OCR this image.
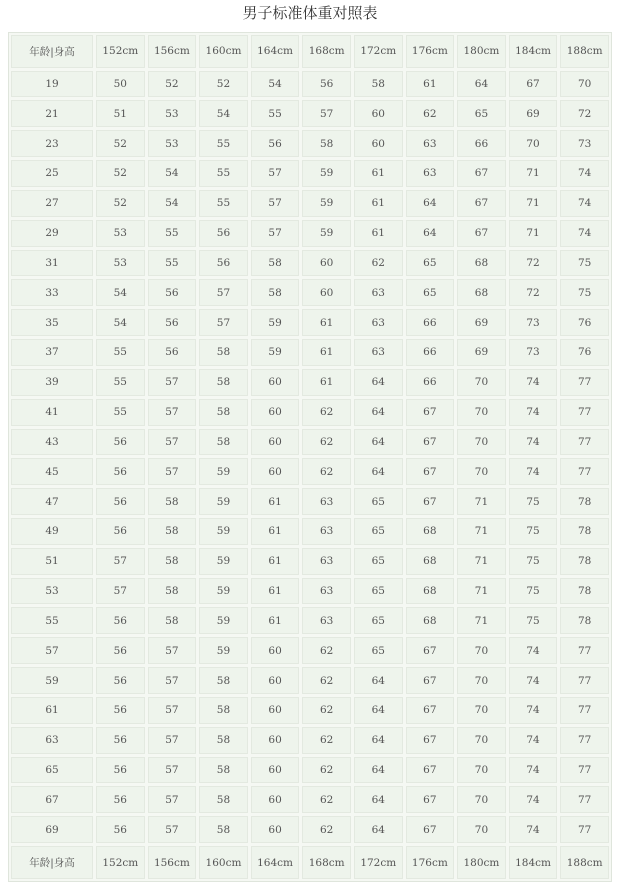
男子标准体重对照表
年龄|身高	152cm	156cm	160cm	164cm	168cm	172cm	176cm	180cm	184cm	188cm
19	50	52	52	54	56	58	61	64	67	70
21	51	53	54	55	57	60	62	65	69	72
23	52	53	55	56	58	60	63	66	70	73
25	52	54	55	57	59	61	63	67	71	74
27	52	54	55	57	59	61	64	67	71	74
29	53	55	56	57	59	61	64	67	71	74
31	53	55	56	58	60	62	65	68	72	75
33	54	56	57	58	60	63	65	68	72	75
35	54	56	57	59	61	63	66	69	73	76
37	55	56	58	59	61	63	66	69	73	76
39	55	57	58	60	61	64	66	70	74	77
41	55	57	58	60	62	64	67	70	74	77
43	56	57	58	60	62	64	67	70	74	77
45	56	57	59	60	62	64	67	70	74	77
47	56	58	59	61	63	65	67	71	75	78
49	56	58	59	61	63	65	68	71	75	78
51	57	58	59	61	63	65	68	71	75	78
53	57	58	59	61	63	65	68	71	75	78
55	56	58	59	61	63	65	68	71	75	78
57	56	57	59	60	62	65	67	70	74	77
59	56	57	58	60	62	64	67	70	74	77
61	56	57	58	60	62	64	67	70	74	77
63	56	57	58	60	62	64	67	70	74	77
65	56	57	58	60	62	64	67	70	74	77
67	56	57	58	60	62	64	67	70	74	77
69	56	57	58	60	62	64	67	70	74	77
年龄|身高	152cm	156cm	160cm	164cm	168cm	172cm	176cm	180cm	184cm	188cm
